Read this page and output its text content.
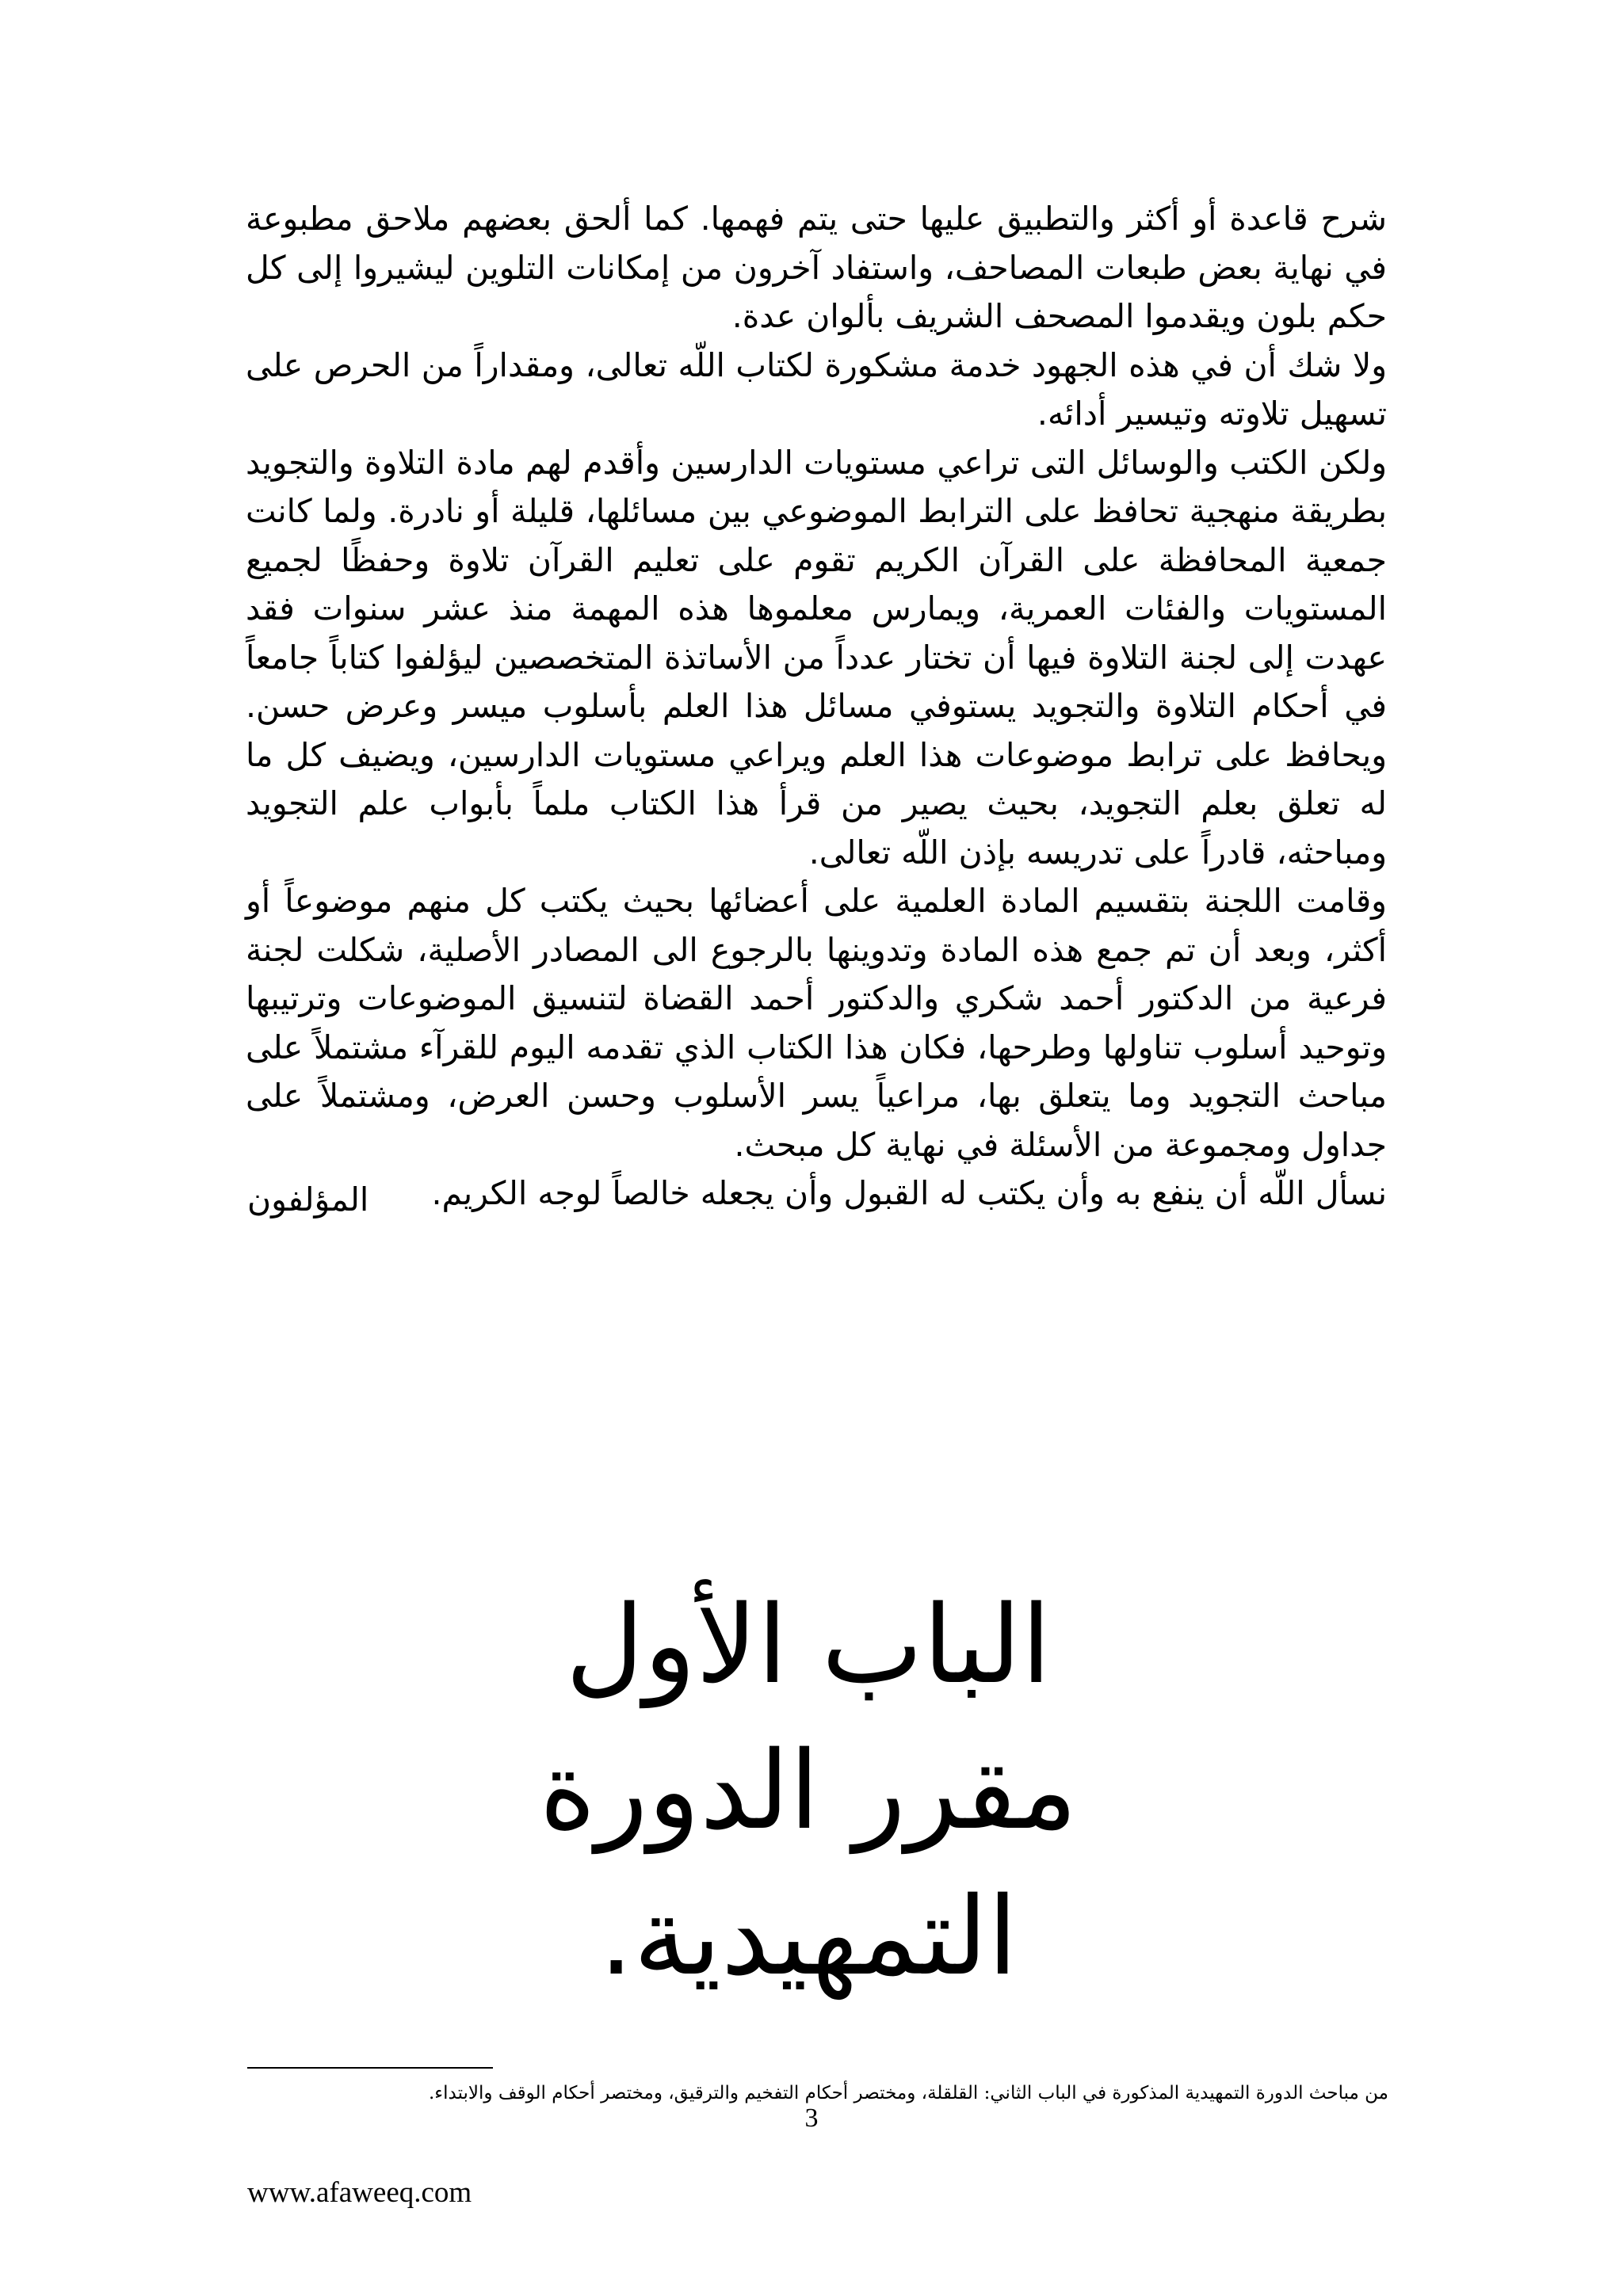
شرح قاعدة أو أكثر والتطبيق عليها حتى يتم فهمها. كما ألحق بعضهم ملاحق مطبوعة في نهاية بعض طبعات المصاحف، واستفاد آخرون من إمكانات التلوين ليشيروا إلى كل حكم بلون ويقدموا المصحف الشريف بألوان عدة.

ولا شك أن في هذه الجهود خدمة مشكورة لكتاب اللّه تعالى، ومقداراً من الحرص على تسهيل تلاوته وتيسير أدائه.

ولكن الكتب والوسائل التى تراعي مستويات الدارسين وأقدم لهم مادة التلاوة والتجويد بطريقة منهجية تحافظ على الترابط الموضوعي بين مسائلها، قليلة أو نادرة. ولما كانت جمعية المحافظة على القرآن الكريم تقوم على تعليم القرآن تلاوة وحفظًا لجميع المستويات والفئات العمرية، ويمارس معلموها هذه المهمة منذ عشر سنوات فقد عهدت إلى لجنة التلاوة فيها أن تختار عدداً من الأساتذة المتخصصين ليؤلفوا كتاباً جامعاً في أحكام التلاوة والتجويد يستوفي مسائل هذا العلم بأسلوب ميسر وعرض حسن. ويحافظ على ترابط موضوعات هذا العلم ويراعي مستويات الدارسين، ويضيف كل ما له تعلق بعلم التجويد، بحيث يصير من قرأ هذا الكتاب ملماً بأبواب علم التجويد ومباحثه، قادراً على تدريسه بإذن اللّه تعالى.

وقامت اللجنة بتقسيم المادة العلمية على أعضائها بحيث يكتب كل منهم موضوعاً أو أكثر، وبعد أن تم جمع هذه المادة وتدوينها بالرجوع الى المصادر الأصلية، شكلت لجنة فرعية من الدكتور أحمد شكري والدكتور أحمد القضاة لتنسيق الموضوعات وترتيبها وتوحيد أسلوب تناولها وطرحها، فكان هذا الكتاب الذي تقدمه اليوم للقرآء مشتملاً على مباحث التجويد وما يتعلق بها، مراعياً يسر الأسلوب وحسن العرض، ومشتملاً على جداول ومجموعة من الأسئلة في نهاية كل مبحث.

نسأل اللّه أن ينفع به وأن يكتب له القبول وأن يجعله خالصاً لوجه الكريم.

المؤلفون
الباب الأول
مقرر الدورة
التمهيدية.
من مباحث الدورة التمهيدية المذكورة في الباب الثاني: القلقلة، ومختصر أحكام التفخيم والترقيق، ومختصر أحكام الوقف والابتداء.
3
www.afaweeq.com
